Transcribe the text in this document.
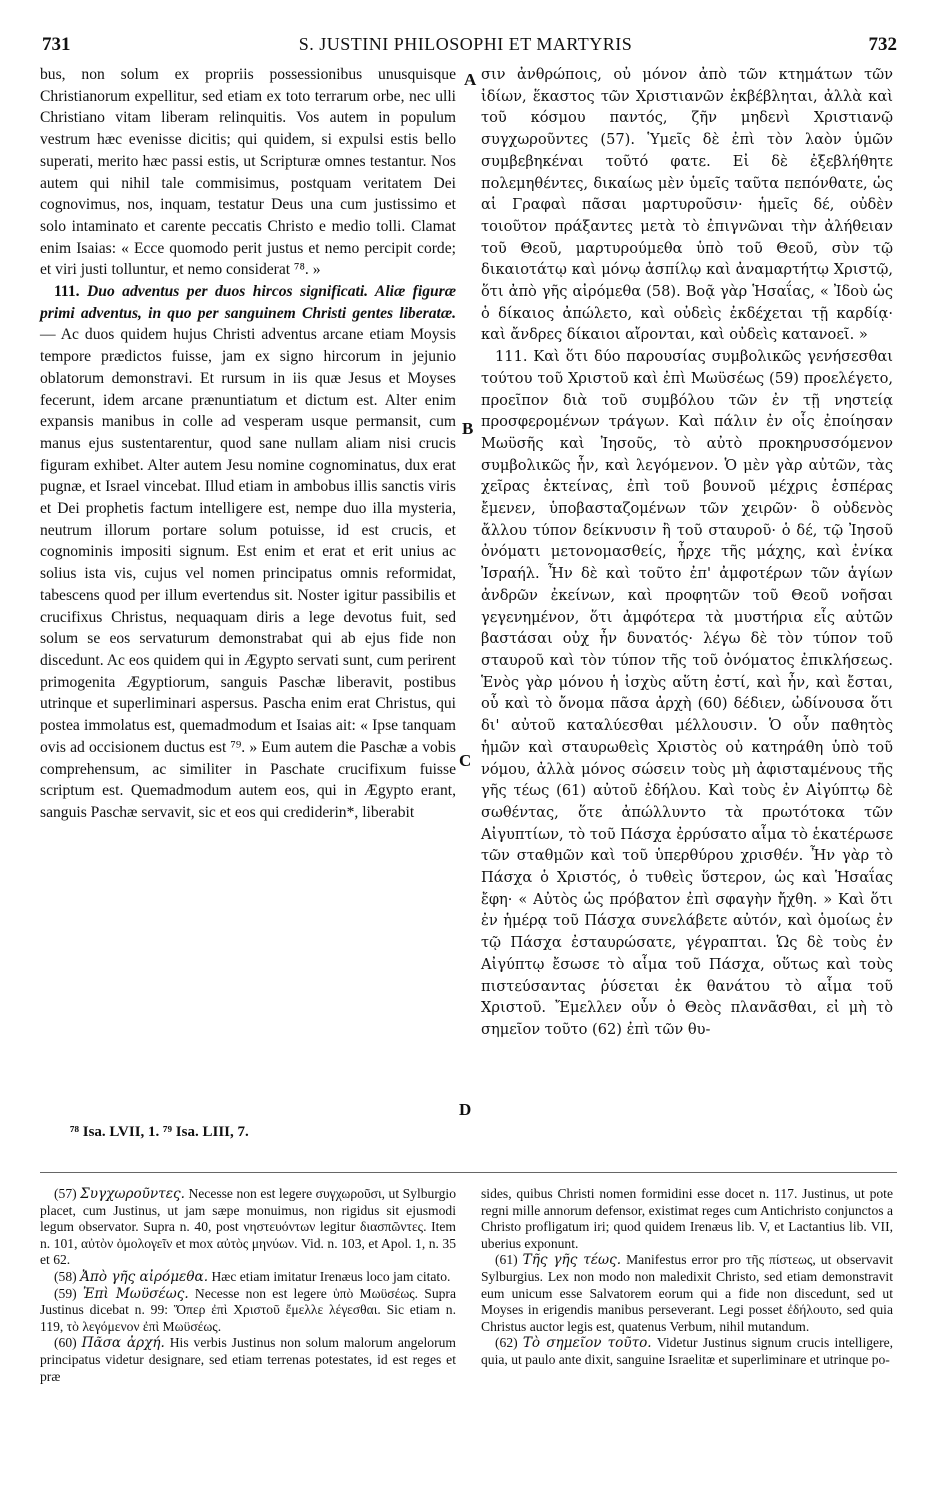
731	S. JUSTINI PHILOSOPHI ET MARTYRIS	732

bus, non solum ex propriis possessionibus unusquisque Christianorum expellitur, sed etiam ex toto terrarum orbe, nec ulli Christiano vitam liberam relinquitis. Vos autem in populum vestrum hæc evenisse dicitis; qui quidem, si expulsi estis bello superati, merito hæc passi estis, ut Scripturæ omnes testantur. Nos autem qui nihil tale commisimus, postquam veritatem Dei cognovimus, nos, inquam, testatur Deus una cum justissimo et solo intaminato et carente peccatis Christo e medio tolli. Clamat enim Isaias: « Ecce quomodo perit justus et nemo percipit corde; et viri justi tolluntur, et nemo considerat ⁷⁸. »

111. Duo adventus per duos hircos significati. Aliæ figuræ primi adventus, in quo per sanguinem Christi gentes liberatæ. — Ac duos quidem hujus Christi adventus arcane etiam Moysis tempore prædictos fuisse, jam ex signo hircorum in jejunio oblatorum demonstravi. Et rursum in iis quæ Jesus et Moyses fecerunt, idem arcane prænuntiatum et dictum est. Alter enim expansis manibus in colle ad vesperam usque permansit, cum manus ejus sustentarentur, quod sane nullam aliam nisi crucis figuram exhibet. Alter autem Jesu nomine cognominatus, dux erat pugnæ, et Israel vincebat. Illud etiam in ambobus illis sanctis viris et Dei prophetis factum intelligere est, nempe duo illa mysteria, neutrum illorum portare solum potuisse, id est crucis, et cognominis impositi signum. Est enim et erat et erit unius ac solius ista vis, cujus vel nomen principatus omnis reformidat, tabescens quod per illum evertendus sit. Noster igitur passibilis et crucifixus Christus, nequaquam diris a lege devotus fuit, sed solum se eos servaturum demonstrabat qui ab ejus fide non discedunt. Ac eos quidem qui in Ægypto servati sunt, cum perirent primogenita Ægyptiorum, sanguis Paschæ liberavit, postibus utrinque et superliminari aspersus. Pascha enim erat Christus, qui postea immolatus est, quemadmodum et Isaias ait: « Ipse tanquam ovis ad occisionem ductus est ⁷⁹. » Eum autem die Paschæ a vobis comprehensum, ac similiter in Paschate crucifixum fuisse scriptum est. Quemadmodum autem eos, qui in Ægypto erant, sanguis Paschæ servavit, sic et eos qui crediderin*, liberabit

A
B
C
D

σιν ἀνθρώποις, οὐ μόνον ἀπὸ τῶν κτημάτων τῶν ἰδίων, ἕκαστος τῶν Χριστιανῶν ἐκβέβληται, ἀλλὰ καὶ τοῦ κόσμου παντός, ζῆν μηδενὶ Χριστιανῷ συγχωροῦντες (57). Ὑμεῖς δὲ ἐπὶ τὸν λαὸν ὑμῶν συμβεβηκέναι τοῦτό φατε. Εἰ δὲ ἐξεβλήθητε πολεμηθέντες, δικαίως μὲν ὑμεῖς ταῦτα πεπόνθατε, ὡς αἱ Γραφαὶ πᾶσαι μαρτυροῦσιν· ἡμεῖς δέ, οὐδὲν τοιοῦτον πράξαντες μετὰ τὸ ἐπιγνῶναι τὴν ἀλήθειαν τοῦ Θεοῦ, μαρτυρούμεθα ὑπὸ τοῦ Θεοῦ, σὺν τῷ δικαιοτάτῳ καὶ μόνῳ ἀσπίλῳ καὶ ἀναμαρτήτῳ Χριστῷ, ὅτι ἀπὸ γῆς αἰρόμεθα (58). Βοᾷ γὰρ Ἡσαΐας, « Ἰδοὺ ὡς ὁ δίκαιος ἀπώλετο, καὶ οὐδεὶς ἐκδέχεται τῇ καρδίᾳ· καὶ ἄνδρες δίκαιοι αἴρονται, καὶ οὐδεὶς κατανοεῖ. »

111. Καὶ ὅτι δύο παρουσίας συμβολικῶς γενήσεσθαι τούτου τοῦ Χριστοῦ καὶ ἐπὶ Μωϋσέως (59) προελέγετο, προεῖπον διὰ τοῦ συμβόλου τῶν ἐν τῇ νηστείᾳ προσφερομένων τράγων. Καὶ πάλιν ἐν οἷς ἐποίησαν Μωϋσῆς καὶ Ἰησοῦς, τὸ αὐτὸ προκηρυσσόμενον συμβολικῶς ἦν, καὶ λεγόμενον. Ὁ μὲν γὰρ αὐτῶν, τὰς χεῖρας ἐκτείνας, ἐπὶ τοῦ βουνοῦ μέχρις ἑσπέρας ἔμενεν, ὑποβασταζομένων τῶν χειρῶν· ὃ οὐδενὸς ἄλλου τύπον δείκνυσιν ἢ τοῦ σταυροῦ· ὁ δέ, τῷ Ἰησοῦ ὀνόματι μετονομασθείς, ἦρχε τῆς μάχης, καὶ ἐνίκα Ἰσραήλ. Ἦν δὲ καὶ τοῦτο ἐπ' ἀμφοτέρων τῶν ἁγίων ἀνδρῶν ἐκείνων, καὶ προφητῶν τοῦ Θεοῦ νοῆσαι γεγενημένον, ὅτι ἀμφότερα τὰ μυστήρια εἷς αὐτῶν βαστάσαι οὐχ ἦν δυνατός· λέγω δὲ τὸν τύπον τοῦ σταυροῦ καὶ τὸν τύπον τῆς τοῦ ὀνόματος ἐπικλήσεως. Ἑνὸς γὰρ μόνου ἡ ἰσχὺς αὕτη ἐστί, καὶ ἦν, καὶ ἔσται, οὗ καὶ τὸ ὄνομα πᾶσα ἀρχὴ (60) δέδιεν, ὠδίνουσα ὅτι δι' αὐτοῦ καταλύεσθαι μέλλουσιν. Ὁ οὖν παθητὸς ἡμῶν καὶ σταυρωθεὶς Χριστὸς οὐ κατηράθη ὑπὸ τοῦ νόμου, ἀλλὰ μόνος σώσειν τοὺς μὴ ἀφισταμένους τῆς γῆς τέως (61) αὐτοῦ ἐδήλου. Καὶ τοὺς ἐν Αἰγύπτῳ δὲ σωθέντας, ὅτε ἀπώλλυντο τὰ πρωτότοκα τῶν Αἰγυπτίων, τὸ τοῦ Πάσχα ἐρρύσατο αἷμα τὸ ἑκατέρωσε τῶν σταθμῶν καὶ τοῦ ὑπερθύρου χρισθέν. Ἦν γὰρ τὸ Πάσχα ὁ Χριστός, ὁ τυθεὶς ὕστερον, ὡς καὶ Ἡσαΐας ἔφη· « Αὐτὸς ὡς πρόβατον ἐπὶ σφαγὴν ἤχθη. » Καὶ ὅτι ἐν ἡμέρᾳ τοῦ Πάσχα συνελάβετε αὐτόν, καὶ ὁμοίως ἐν τῷ Πάσχα ἐσταυρώσατε, γέγραπται. Ὡς δὲ τοὺς ἐν Αἰγύπτῳ ἔσωσε τὸ αἷμα τοῦ Πάσχα, οὕτως καὶ τοὺς πιστεύσαντας ῥύσεται ἐκ θανάτου τὸ αἷμα τοῦ Χριστοῦ. Ἔμελλεν οὖν ὁ Θεὸς πλανᾶσθαι, εἰ μὴ τὸ σημεῖον τοῦτο (62) ἐπὶ τῶν θυ-

⁷⁸ Isa. LVII, 1. ⁷⁹ Isa. LIII, 7.

(57) Συγχωροῦντες. Necesse non est legere συγχωροῦσι, ut Sylburgio placet, cum Justinus, ut jam sæpe monuimus, non rigidus sit ejusmodi legum observator. Supra n. 40, post νηστευόντων legitur διασπῶντες. Item n. 101, αὐτὸν ὁμολογεῖν et mox αὐτὸς μηνύων. Vid. n. 103, et Apol. 1, n. 35 et 62.

(58) Ἀπὸ γῆς αἰρόμεθα. Hæc etiam imitatur Irenæus loco jam citato.

(59) Ἐπὶ Μωϋσέως. Necesse non est legere ὑπὸ Μωϋσέως. Supra Justinus dicebat n. 99: Ὅπερ ἐπὶ Χριστοῦ ἔμελλε λέγεσθαι. Sic etiam n. 119, τὸ λεγόμενον ἐπὶ Μωϋσέως.

(60) Πᾶσα ἀρχή. His verbis Justinus non solum malorum angelorum principatus videtur designare, sed etiam terrenas potestates, id est reges et præ

sides, quibus Christi nomen formidini esse docet n. 117. Justinus, ut pote regni mille annorum defensor, existimat reges cum Antichristo conjunctos a Christo profligatum iri; quod quidem Irenæus lib. V, et Lactantius lib. VII, uberius exponunt.

(61) Τῆς γῆς τέως. Manifestus error pro τῆς πίστεως, ut observavit Sylburgius. Lex non modo non maledixit Christo, sed etiam demonstravit eum unicum esse Salvatorem eorum qui a fide non discedunt, sed ut Moyses in erigendis manibus perseverant. Legi posset ἐδήλουτο, sed quia Christus auctor legis est, quatenus Verbum, nihil mutandum.

(62) Τὸ σημεῖον τοῦτο. Videtur Justinus signum crucis intelligere, quia, ut paulo ante dixit, sanguine Israelitæ et superliminare et utrinque po-
